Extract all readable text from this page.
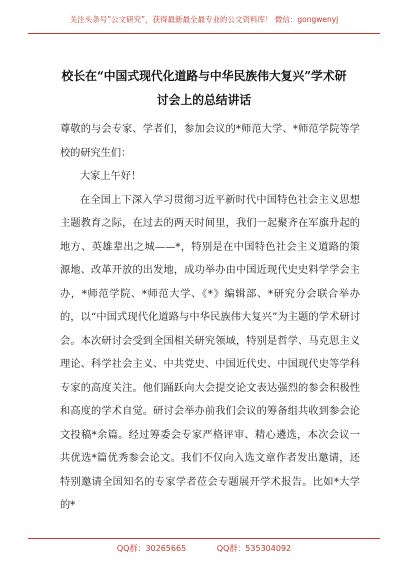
关注头条号“公文研究”，获得最新最全最专业的公文资料库！ 微信：gongwenyj
校长在“中国式现代化道路与中华民族伟大复兴”学术研
讨会上的总结讲话

尊敬的与会专家、学者们，参加会议的*师范大学、*师范学院等学校的研究生们：

大家上午好！

在全国上下深入学习贯彻习近平新时代中国特色社会主义思想主题教育之际，在过去的两天时间里，我们一起聚齐在军旗升起的地方、英雄辈出之城——*，特别是在中国特色社会主义道路的策源地、改革开放的出发地，成功举办由中国近现代史史料学学会主办，*师范学院、*师范大学、《*》编辑部、*研究分会联合举办的，以“中国式现代化道路与中华民族伟大复兴”为主题的学术研讨会。本次研讨会受到全国相关研究领域，特别是哲学、马克思主义理论、科学社会主义、中共党史、中国近代史、中国现代史等学科专家的高度关注。他们踊跃向大会提交论文表达强烈的参会积极性和高度的学术自觉。研讨会举办前我们会议的筹备组共收到参会论文投稿*余篇。经过筹委会专家严格评审、精心遴选，本次会议一共优选*篇优秀参会论文。我们不仅向入选文章作者发出邀请，还特别邀请全国知名的专家学者莅会专题展开学术报告。比如*大学的*

QQ群：30265665	QQ群：535304092
